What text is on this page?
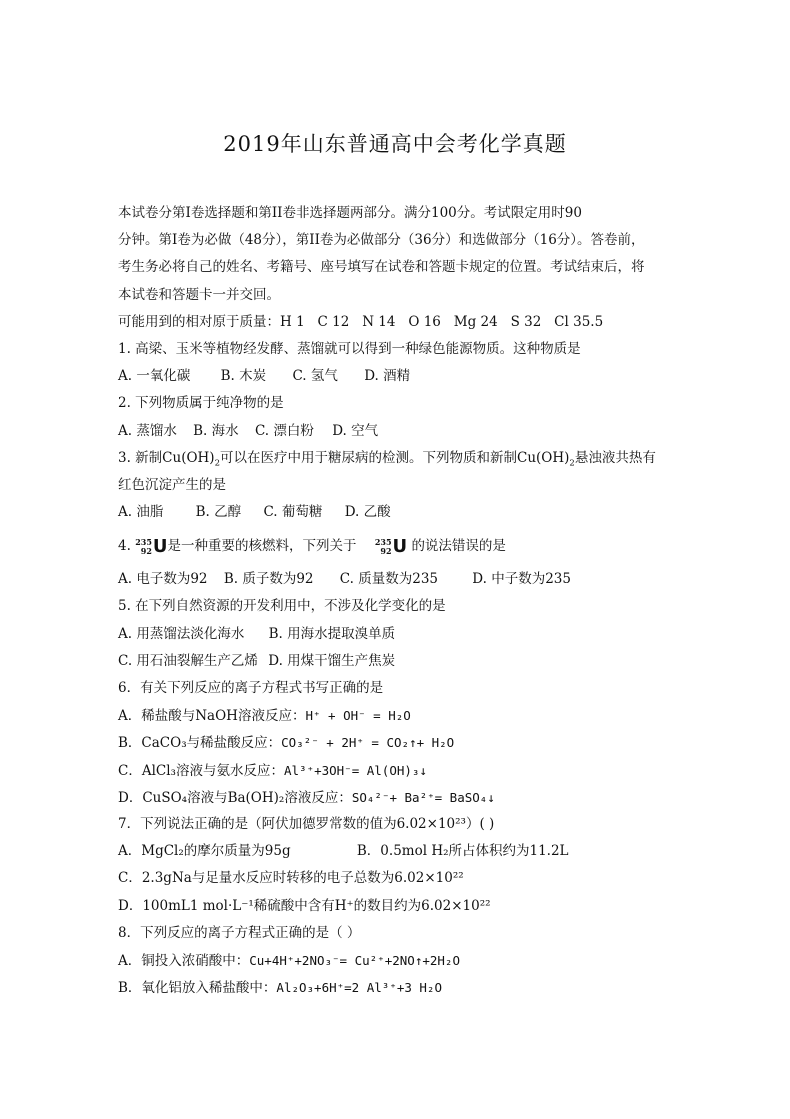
2019年山东普通高中会考化学真题
本试卷分第I卷选择题和第II卷非选择题两部分。满分100分。考试限定用时90
分钟。第I卷为必做（48分），第II卷为必做部分（36分）和选做部分（16分）。答卷前，
考生务必将自己的姓名、考籍号、座号填写在试卷和答题卡规定的位置。考试结束后，将
本试卷和答题卡一并交回。
可能用到的相对原于质量：H 1   C 12   N 14   O 16   Mg 24   S 32   Cl 35.5
1. 高梁、玉米等植物经发酵、蒸馏就可以得到一种绿色能源物质。这种物质是
A. 一氧化碳 B. 木炭 C. 氢气 D. 酒精
2. 下列物质属于纯净物的是
A. 蒸馏水 B. 海水 C. 漂白粉 D. 空气
3. 新制$Cu(OH)_2$可以在医疗中用于糖尿病的检测。下列物质和新制$Cu(OH)_2$悬浊液共热有
红色沉淀产生的是
A. 油脂 B. 乙醇 C. 葡萄糖 D. 乙酸
4. 235
92 U 是一种重要的核燃料，下列关于 235
92 U 的说法错误的是
A. 电子数为92 B. 质子数为92 C. 质量数为235	D. 中子数为235
5. 在下列自然资源的开发利用中，不涉及化学变化的是
A. 用蒸馏法淡化海水 B. 用海水提取溴单质
C. 用石油裂解生产乙烯 D. 用煤干馏生产焦炭
6．有关下列反应的离子方程式书写正确的是
A．稀盐酸与NaOH溶液反应：H⁺ + OH⁻ = H₂O
B．CaCO₃与稀盐酸反应：CO₃²⁻ + 2H⁺ = CO₂↑+ H₂O
C．AlCl₃溶液与氨水反应：Al³⁺+3OH⁻= Al(OH)₃↓
D．CuSO₄溶液与Ba(OH)₂溶液反应：SO₄²⁻+ Ba²⁺= BaSO₄↓
7．下列说法正确的是（阿伏加德罗常数的值为6.02×10²³）( )
A．MgCl₂的摩尔质量为95g	B．0.5mol H₂所占体积约为11.2L
C．2.3gNa与足量水反应时转移的电子总数为6.02×10²²
D．100mL1 mol·L⁻¹稀硫酸中含有H⁺的数目约为6.02×10²²
8．下列反应的离子方程式正确的是（ ）
A．铜投入浓硝酸中：Cu+4H⁺+2NO₃⁻= Cu²⁺+2NO↑+2H₂O
B．氧化铝放入稀盐酸中：Al₂O₃+6H⁺=2 Al³⁺+3 H₂O
